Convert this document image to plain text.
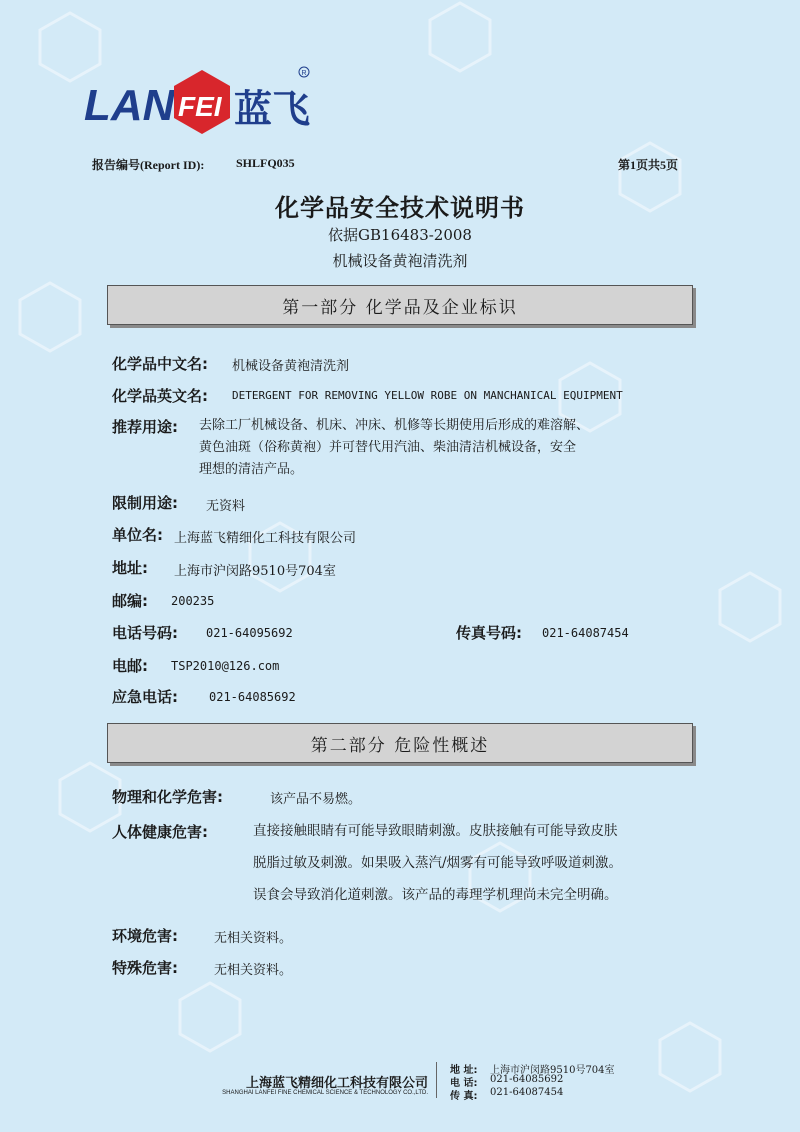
LAN FEI 蓝飞
R
报告编号(Report ID):	SHLFQ035	第1页共5页
化学品安全技术说明书
依据GB16483-2008
机械设备黄袍清洗剂
第一部分 化学品及企业标识
化学品中文名: 机械设备黄袍清洗剂
化学品英文名: DETERGENT FOR REMOVING YELLOW ROBE ON MANCHANICAL EQUIPMENT
推荐用途: 去除工厂机械设备、机床、冲床、机修等长期使用后形成的难溶解、
黄色油斑（俗称黄袍）并可替代用汽油、柴油清洁机械设备，安全
理想的清洁产品。
限制用途: 无资料
单位名: 上海蓝飞精细化工科技有限公司
地址: 上海市沪闵路9510号704室
邮编: 200235
电话号码: 021-64095692	传真号码: 021-64087454
电邮: TSP2010@126.com
应急电话:	021-64085692
第二部分 危险性概述
物理和化学危害:	该产品不易燃。
人体健康危害:	直接接触眼睛有可能导致眼睛刺激。皮肤接触有可能导致皮肤
脱脂过敏及刺激。如果吸入蒸汽/烟雾有可能导致呼吸道刺激。
误食会导致消化道刺激。该产品的毒理学机理尚未完全明确。
环境危害:	无相关资料。
特殊危害:	无相关资料。
上海蓝飞精细化工科技有限公司
SHANGHAI LANFEI FINE CHEMICAL SCIENCE & TECHNOLOGY CO.,LTD.
地 址: 上海市沪闵路9510号704室
电 话: 021-64085692
传 真: 021-64087454
